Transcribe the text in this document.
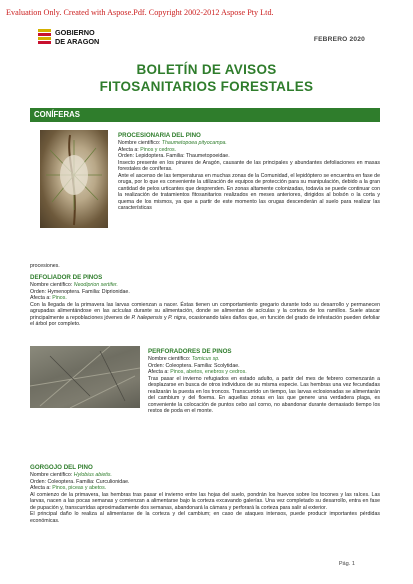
Evaluation Only. Created with Aspose.Pdf. Copyright 2002-2012 Aspose Pty Ltd.
GOBIERNO
DE ARAGON	FEBRERO 2020
BOLETÍN DE AVISOS
FITOSANITARIOS FORESTALES
CONÍFERAS

PROCESIONARIA DEL PINO

Nombre científico: Thaumetopoea pityocampa.

Afecta a: Pinos y cedros.

Orden: Lepidoptera. Familia: Thaumetopoeidae.

Insecto presente en los pinares de Aragón, causante de las principales y abundantes defoliaciones en masas forestales de coníferas.

Ante el ascenso de las temperaturas en muchas zonas de la Comunidad, el lepidóptero se encuentra en fase de oruga, por lo que es conveniente la utilización de equipos de protección para su manipulación, debido a la gran cantidad de pelos urticantes que desprenden. En zonas altamente colonizadas, todavía se puede continuar con la realización de tratamientos fitosanitarios realizados en meses anteriores, dirigidos al bolsón o la corta y quema de los mismos, ya que a partir de este momento las orugas descenderán al suelo para realizar las características

procesiones.

DEFOLIADOR DE PINOS

Nombre científico: Neodiprion sertifer.

Orden: Hymenoptera. Familia: Diprionidae.

Afecta a: Pinos.

Con la llegada de la primavera las larvas comienzan a nacer. Éstas tienen un comportamiento gregario durante todo su desarrollo y permanecen agrupadas alimentándose en las acículas durante su alimentación, donde se alimentan de acículas y la corteza de los ramillos. Suele atacar principalmente a repoblaciones jóvenes de P. halepensis y P. nigra, ocasionando tales daños que, en función del grado de infestación pueden defoliar el árbol por completo.

PERFORADORES DE PINOS

Nombre científico: Tomicus sp.

Orden: Coleoptera. Familia: Scolytidae.

Afecta a: Pinos, abetos, enebros y cedros.

Tras pasar el invierno refugiados en estado adulto, a partir del mes de febrero comenzarán a desplazarse en busca de otros individuos de su misma especie. Las hembras una vez fecundadas realizarán la puesta en los troncos. Transcurrido un tiempo, las larvas eclosionadas se alimentarán del cambium y del floema. En aquellas zonas en las que genere una verdadera plaga, es conveniente la colocación de puntos cebo así corno, no abandonar durante demasiado tiempo los restos de poda en el monte.

GORGOJO DEL PINO

Nombre científico: Hylobius abietis.

Orden: Coleoptera. Familia: Curculionidae.

Afecta a: Pinos, piceas y abetos.

Al comienzo de la primavera, las hembras tras pasar el invierno entre las hojas del suelo, pondrán los huevos sobre los tocones y las raíces. Las larvas, nacen a las pocas semanas y comienzan a alimentarse bajo la corteza excavando galerías. Una vez completado su desarrollo, entra en fase de pupación y, transcurridas aproximadamente dos semanas, abandonará la cámara y perforará la corteza para salir al exterior.

El principal daño lo realiza al alimentarse de la corteza y del cambium; en caso de ataques intensos, puede producir importantes pérdidas económicas.

Pág. 1
